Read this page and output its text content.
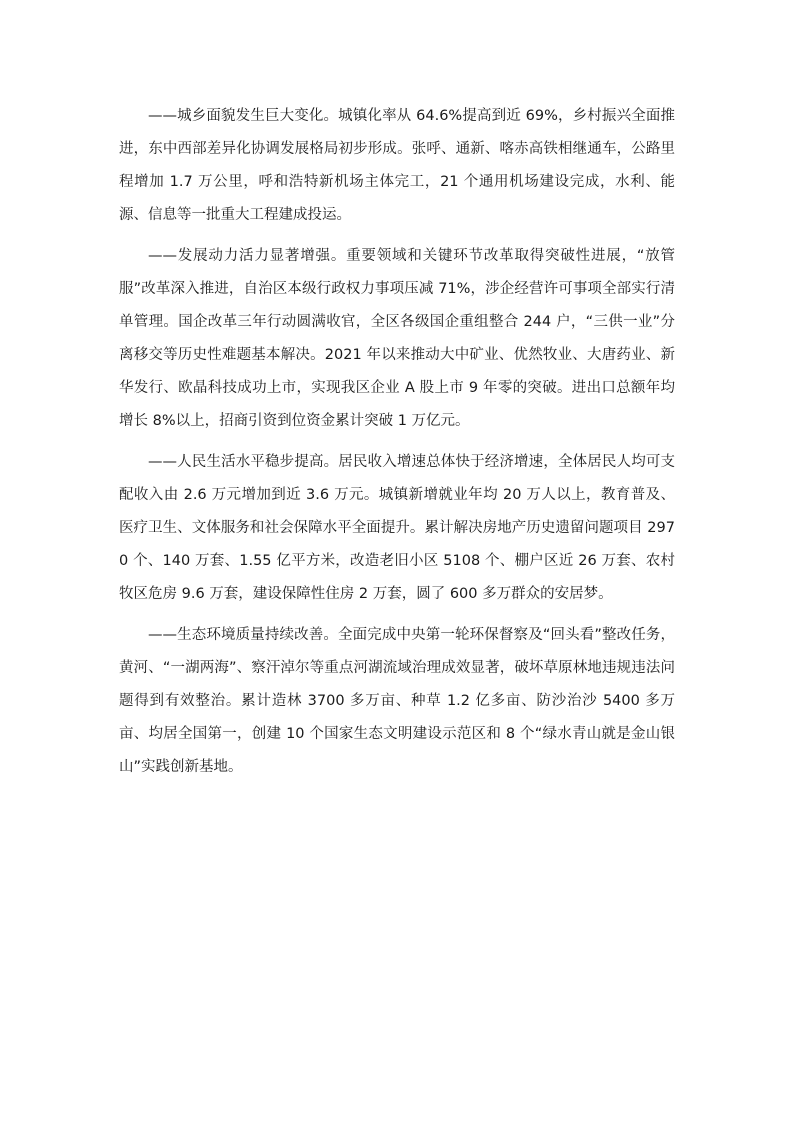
——城乡面貌发生巨大变化。城镇化率从 64.6%提高到近 69%，乡村振兴全面推进，东中西部差异化协调发展格局初步形成。张呼、通新、喀赤高铁相继通车，公路里程增加 1.7 万公里，呼和浩特新机场主体完工，21 个通用机场建设完成，水利、能源、信息等一批重大工程建成投运。

——发展动力活力显著增强。重要领域和关键环节改革取得突破性进展，“放管服”改革深入推进，自治区本级行政权力事项压减 71%，涉企经营许可事项全部实行清单管理。国企改革三年行动圆满收官，全区各级国企重组整合 244 户，“三供一业”分离移交等历史性难题基本解决。2021 年以来推动大中矿业、优然牧业、大唐药业、新华发行、欧晶科技成功上市，实现我区企业 A 股上市 9 年零的突破。进出口总额年均增长 8%以上，招商引资到位资金累计突破 1 万亿元。

——人民生活水平稳步提高。居民收入增速总体快于经济增速，全体居民人均可支配收入由 2.6 万元增加到近 3.6 万元。城镇新增就业年均 20 万人以上，教育普及、医疗卫生、文体服务和社会保障水平全面提升。累计解决房地产历史遗留问题项目 2970 个、140 万套、1.55 亿平方米，改造老旧小区 5108 个、棚户区近 26 万套、农村牧区危房 9.6 万套，建设保障性住房 2 万套，圆了 600 多万群众的安居梦。

——生态环境质量持续改善。全面完成中央第一轮环保督察及“回头看”整改任务，黄河、“一湖两海”、察汗淖尔等重点河湖流域治理成效显著，破坏草原林地违规违法问题得到有效整治。累计造林 3700 多万亩、种草 1.2 亿多亩、防沙治沙 5400 多万亩、均居全国第一，创建 10 个国家生态文明建设示范区和 8 个“绿水青山就是金山银山”实践创新基地。
